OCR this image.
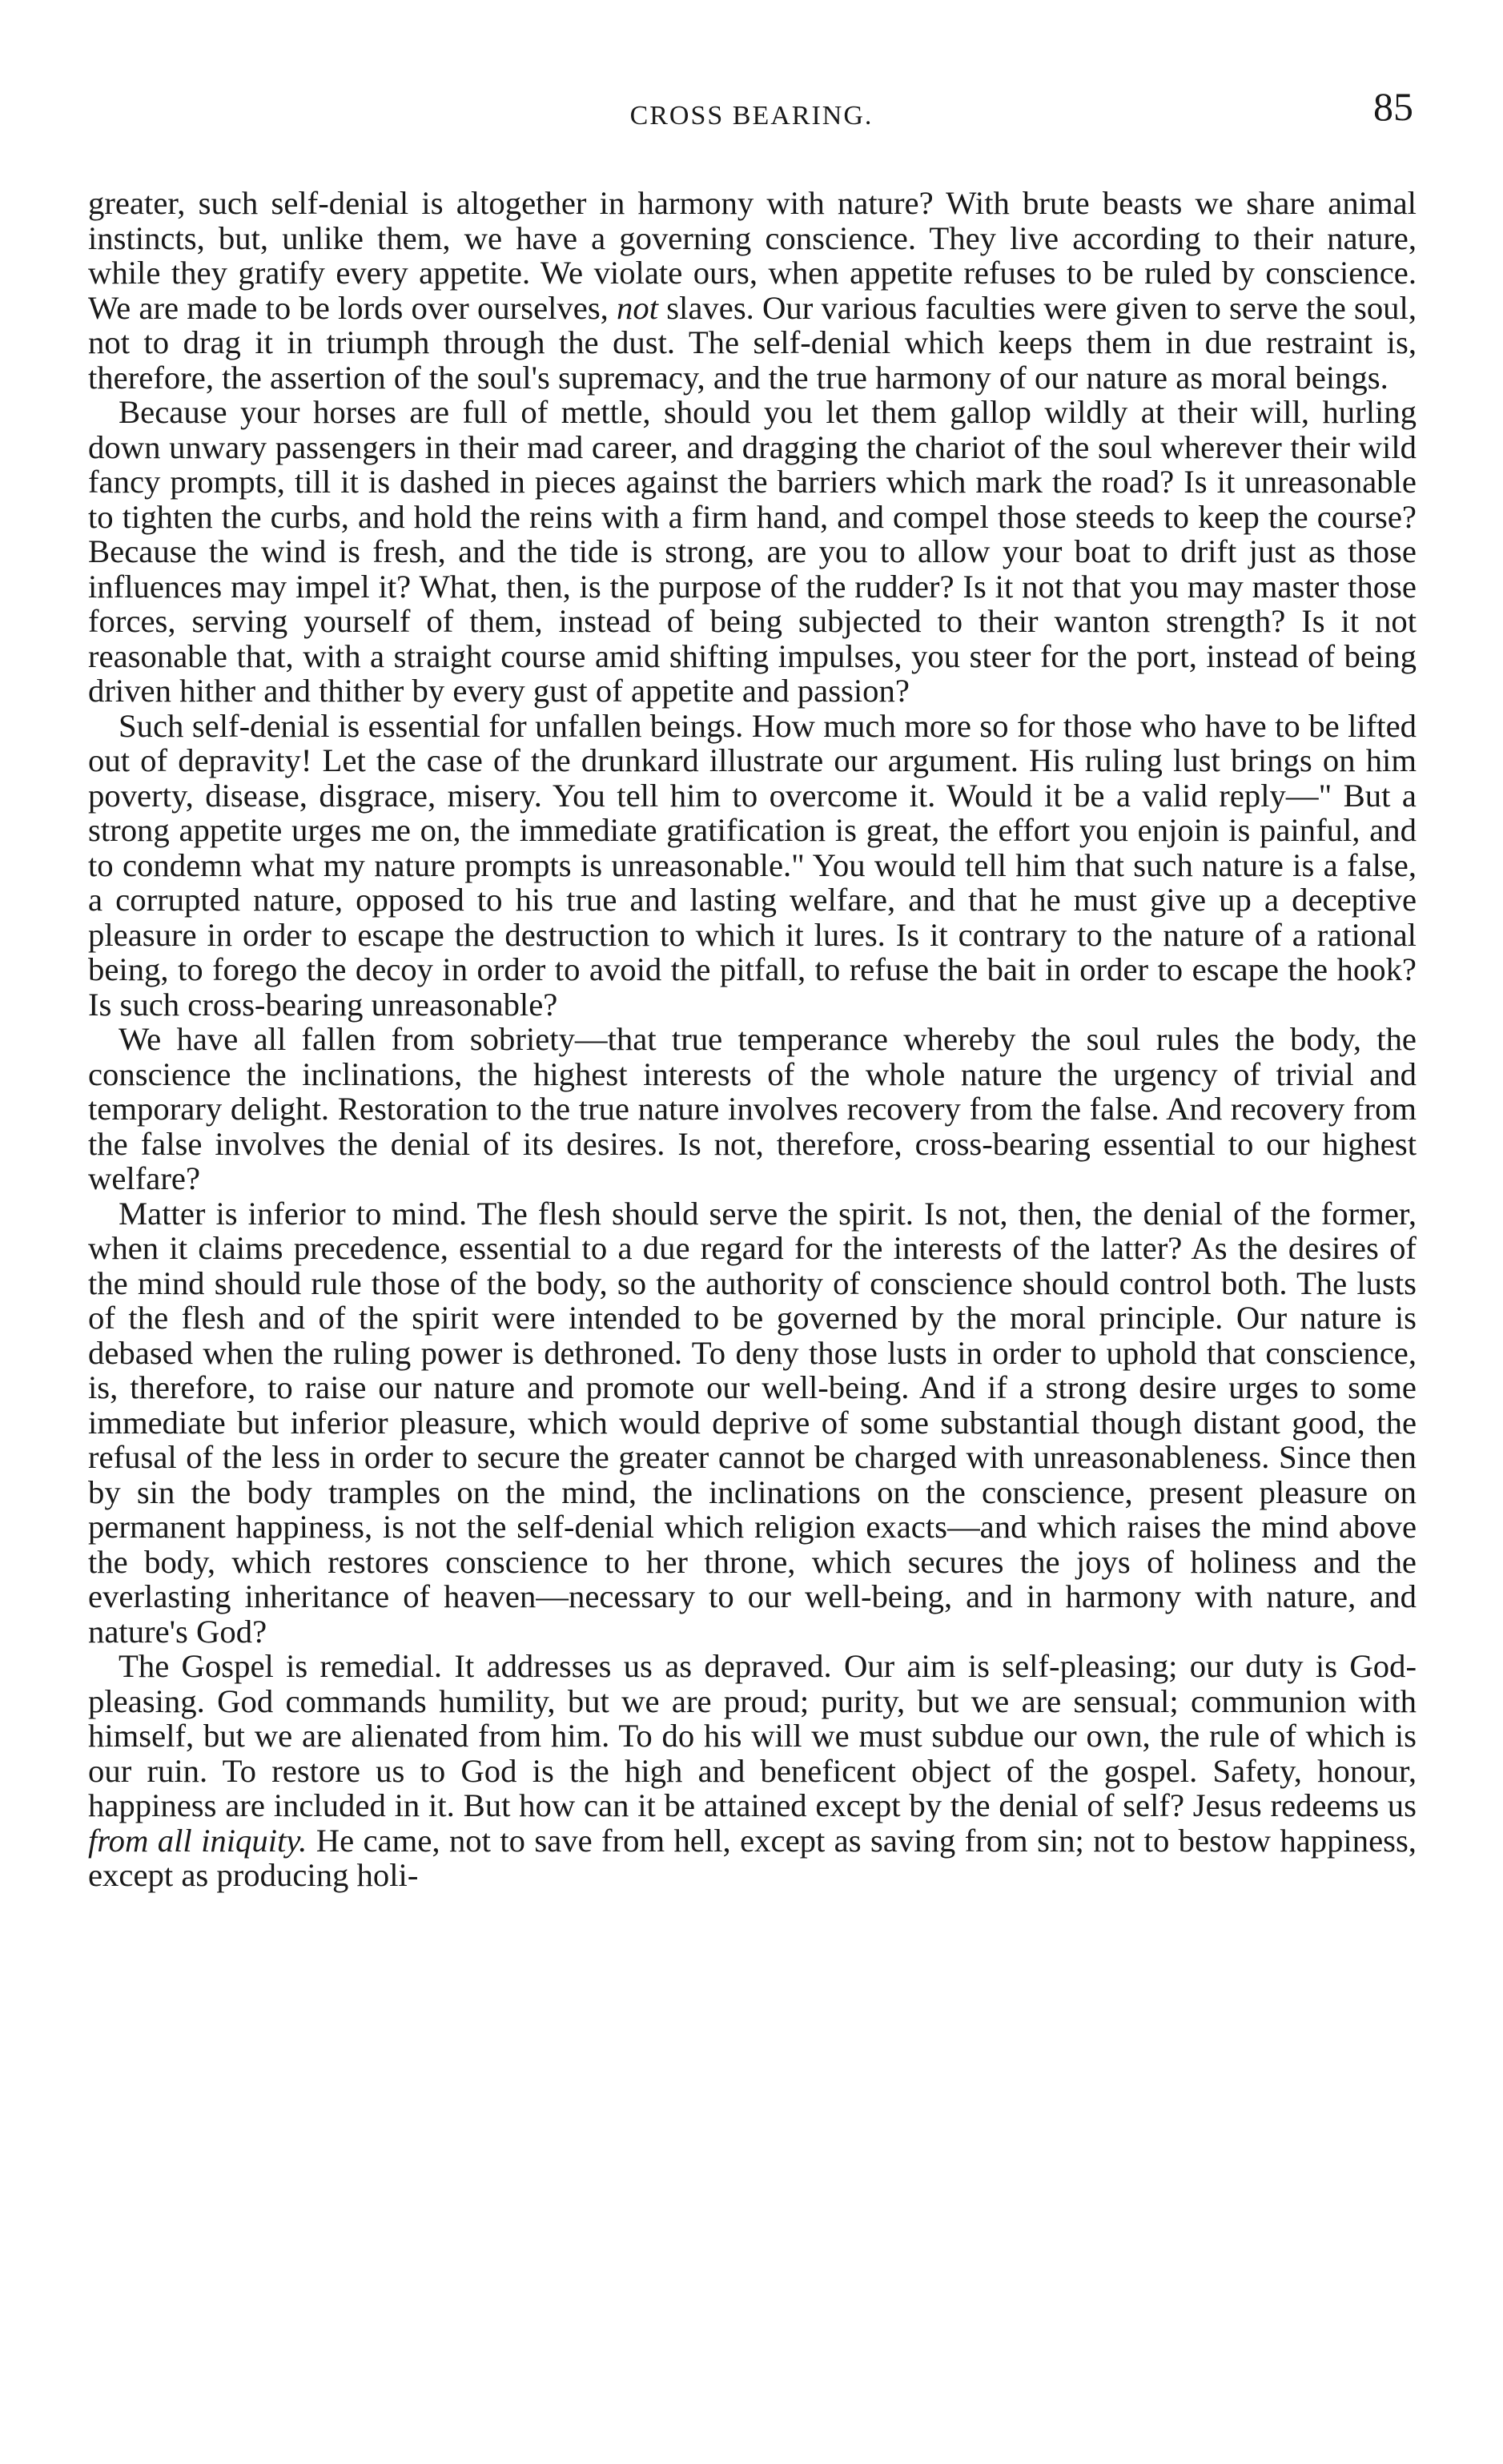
CROSS BEARING.	85

greater, such self-denial is altogether in harmony with nature? With brute beasts we share animal instincts, but, unlike them, we have a governing conscience. They live according to their nature, while they gratify every appetite. We violate ours, when appetite refuses to be ruled by conscience. We are made to be lords over ourselves, not slaves. Our various faculties were given to serve the soul, not to drag it in triumph through the dust. The self-denial which keeps them in due restraint is, therefore, the assertion of the soul's supremacy, and the true harmony of our nature as moral beings.

Because your horses are full of mettle, should you let them gallop wildly at their will, hurling down unwary passengers in their mad career, and dragging the chariot of the soul wherever their wild fancy prompts, till it is dashed in pieces against the barriers which mark the road? Is it unreasonable to tighten the curbs, and hold the reins with a firm hand, and compel those steeds to keep the course? Because the wind is fresh, and the tide is strong, are you to allow your boat to drift just as those influences may impel it? What, then, is the purpose of the rudder? Is it not that you may master those forces, serving yourself of them, instead of being subjected to their wanton strength? Is it not reasonable that, with a straight course amid shifting impulses, you steer for the port, instead of being driven hither and thither by every gust of appetite and passion?

Such self-denial is essential for unfallen beings. How much more so for those who have to be lifted out of depravity! Let the case of the drunkard illustrate our argument. His ruling lust brings on him poverty, disease, disgrace, misery. You tell him to overcome it. Would it be a valid reply—" But a strong appetite urges me on, the immediate gratification is great, the effort you enjoin is painful, and to condemn what my nature prompts is unreasonable." You would tell him that such nature is a false, a corrupted nature, opposed to his true and lasting welfare, and that he must give up a deceptive pleasure in order to escape the destruction to which it lures. Is it contrary to the nature of a rational being, to forego the decoy in order to avoid the pitfall, to refuse the bait in order to escape the hook? Is such cross-bearing unreasonable?

We have all fallen from sobriety—that true temperance whereby the soul rules the body, the conscience the inclinations, the highest interests of the whole nature the urgency of trivial and temporary delight. Restoration to the true nature involves recovery from the false. And recovery from the false involves the denial of its desires. Is not, therefore, cross-bearing essential to our highest welfare?

Matter is inferior to mind. The flesh should serve the spirit. Is not, then, the denial of the former, when it claims precedence, essential to a due regard for the interests of the latter? As the desires of the mind should rule those of the body, so the authority of conscience should control both. The lusts of the flesh and of the spirit were intended to be governed by the moral principle. Our nature is debased when the ruling power is dethroned. To deny those lusts in order to uphold that conscience, is, therefore, to raise our nature and promote our well-being. And if a strong desire urges to some immediate but inferior pleasure, which would deprive of some substantial though distant good, the refusal of the less in order to secure the greater cannot be charged with unreasonableness. Since then by sin the body tramples on the mind, the inclinations on the conscience, present pleasure on permanent happiness, is not the self-denial which religion exacts—and which raises the mind above the body, which restores conscience to her throne, which secures the joys of holiness and the everlasting inheritance of heaven—necessary to our well-being, and in harmony with nature, and nature's God?

The Gospel is remedial. It addresses us as depraved. Our aim is self-pleasing; our duty is God-pleasing. God commands humility, but we are proud; purity, but we are sensual; communion with himself, but we are alienated from him. To do his will we must subdue our own, the rule of which is our ruin. To restore us to God is the high and beneficent object of the gospel. Safety, honour, happiness are included in it. But how can it be attained except by the denial of self? Jesus redeems us from all iniquity. He came, not to save from hell, except as saving from sin; not to bestow happiness, except as producing holi-
